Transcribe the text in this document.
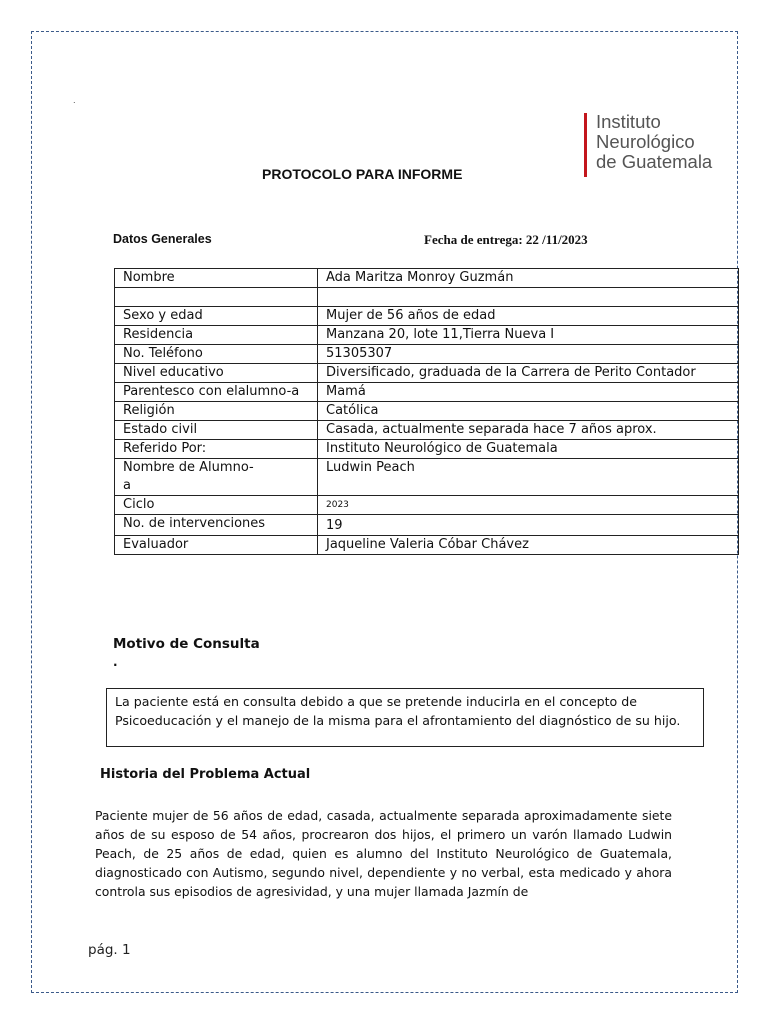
.
Instituto
Neurológico
de Guatemala
PROTOCOLO PARA INFORME
Datos Generales	Fecha de entrega: 22 /11/2023
Nombre	Ada Maritza Monroy Guzmán

Sexo y edad	Mujer de 56 años de edad
Residencia	Manzana 20, lote 11,Tierra Nueva I
No. Teléfono	51305307
Nivel educativo	Diversificado, graduada de la Carrera de Perito Contador
Parentesco con elalumno-a	Mamá
Religión	Católica
Estado civil	Casada, actualmente separada hace 7 años aprox.
Referido Por:	Instituto Neurológico de Guatemala
Nombre de Alumno-a	Ludwin Peach
Ciclo	2023
No. de intervenciones	19
Evaluador	Jaqueline Valeria Cóbar Chávez
Motivo de Consulta
.
La paciente está en consulta debido a que se pretende inducirla en el concepto de Psicoeducación y el manejo de la misma para el afrontamiento del diagnóstico de su hijo.
Historia del Problema Actual
Paciente mujer de 56 años de edad, casada, actualmente separada aproximadamente siete años de su esposo de 54 años, procrearon dos hijos, el primero un varón llamado Ludwin Peach, de 25 años de edad, quien es alumno del Instituto Neurológico de Guatemala, diagnosticado con Autismo, segundo nivel, dependiente y no verbal, esta medicado y ahora controla sus episodios de agresividad, y una mujer llamada Jazmín de
pág. 1
